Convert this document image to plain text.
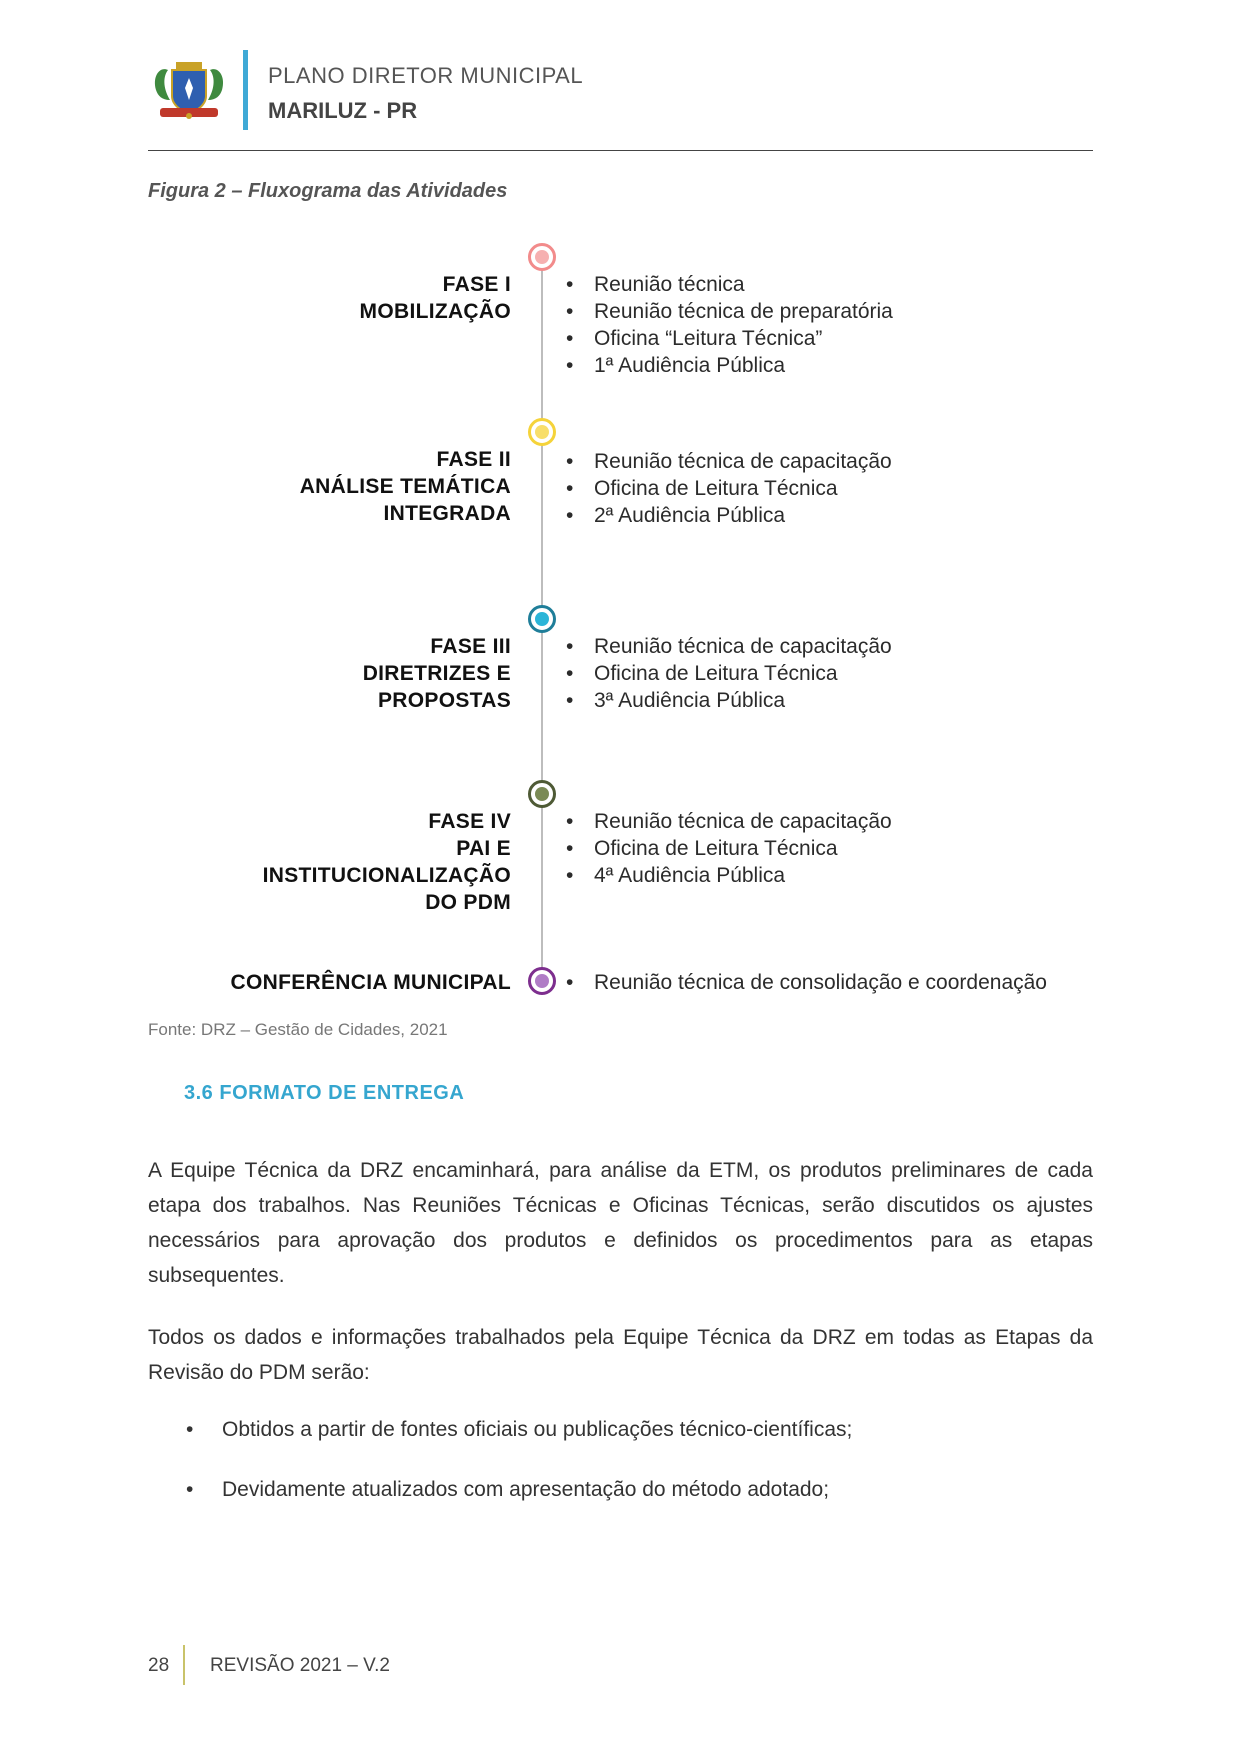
PLANO DIRETOR MUNICIPAL
MARILUZ - PR
Figura 2 – Fluxograma das Atividades
FASE I
MOBILIZAÇÃO
• Reunião técnica
• Reunião técnica de preparatória
• Oficina “Leitura Técnica”
• 1ª Audiência Pública
FASE II
ANÁLISE TEMÁTICA
INTEGRADA
• Reunião técnica de capacitação
• Oficina de Leitura Técnica
• 2ª Audiência Pública
FASE III
DIRETRIZES E
PROPOSTAS
• Reunião técnica de capacitação
• Oficina de Leitura Técnica
• 3ª Audiência Pública
FASE IV
PAI E
INSTITUCIONALIZAÇÃO
DO PDM
• Reunião técnica de capacitação
• Oficina de Leitura Técnica
• 4ª Audiência Pública
CONFERÊNCIA MUNICIPAL
•	Reunião técnica de consolidação e coordenação
Fonte: DRZ – Gestão de Cidades, 2021
3.6 FORMATO DE ENTREGA
A Equipe Técnica da DRZ encaminhará, para análise da ETM, os produtos preliminares de cada etapa dos trabalhos. Nas Reuniões Técnicas e Oficinas Técnicas, serão discutidos os ajustes necessários para aprovação dos produtos e definidos os procedimentos para as etapas subsequentes.
Todos os dados e informações trabalhados pela Equipe Técnica da DRZ em todas as Etapas da Revisão do PDM serão:
• Obtidos a partir de fontes oficiais ou publicações técnico-científicas;
• Devidamente atualizados com apresentação do método adotado;
28 REVISÃO 2021 – V.2
